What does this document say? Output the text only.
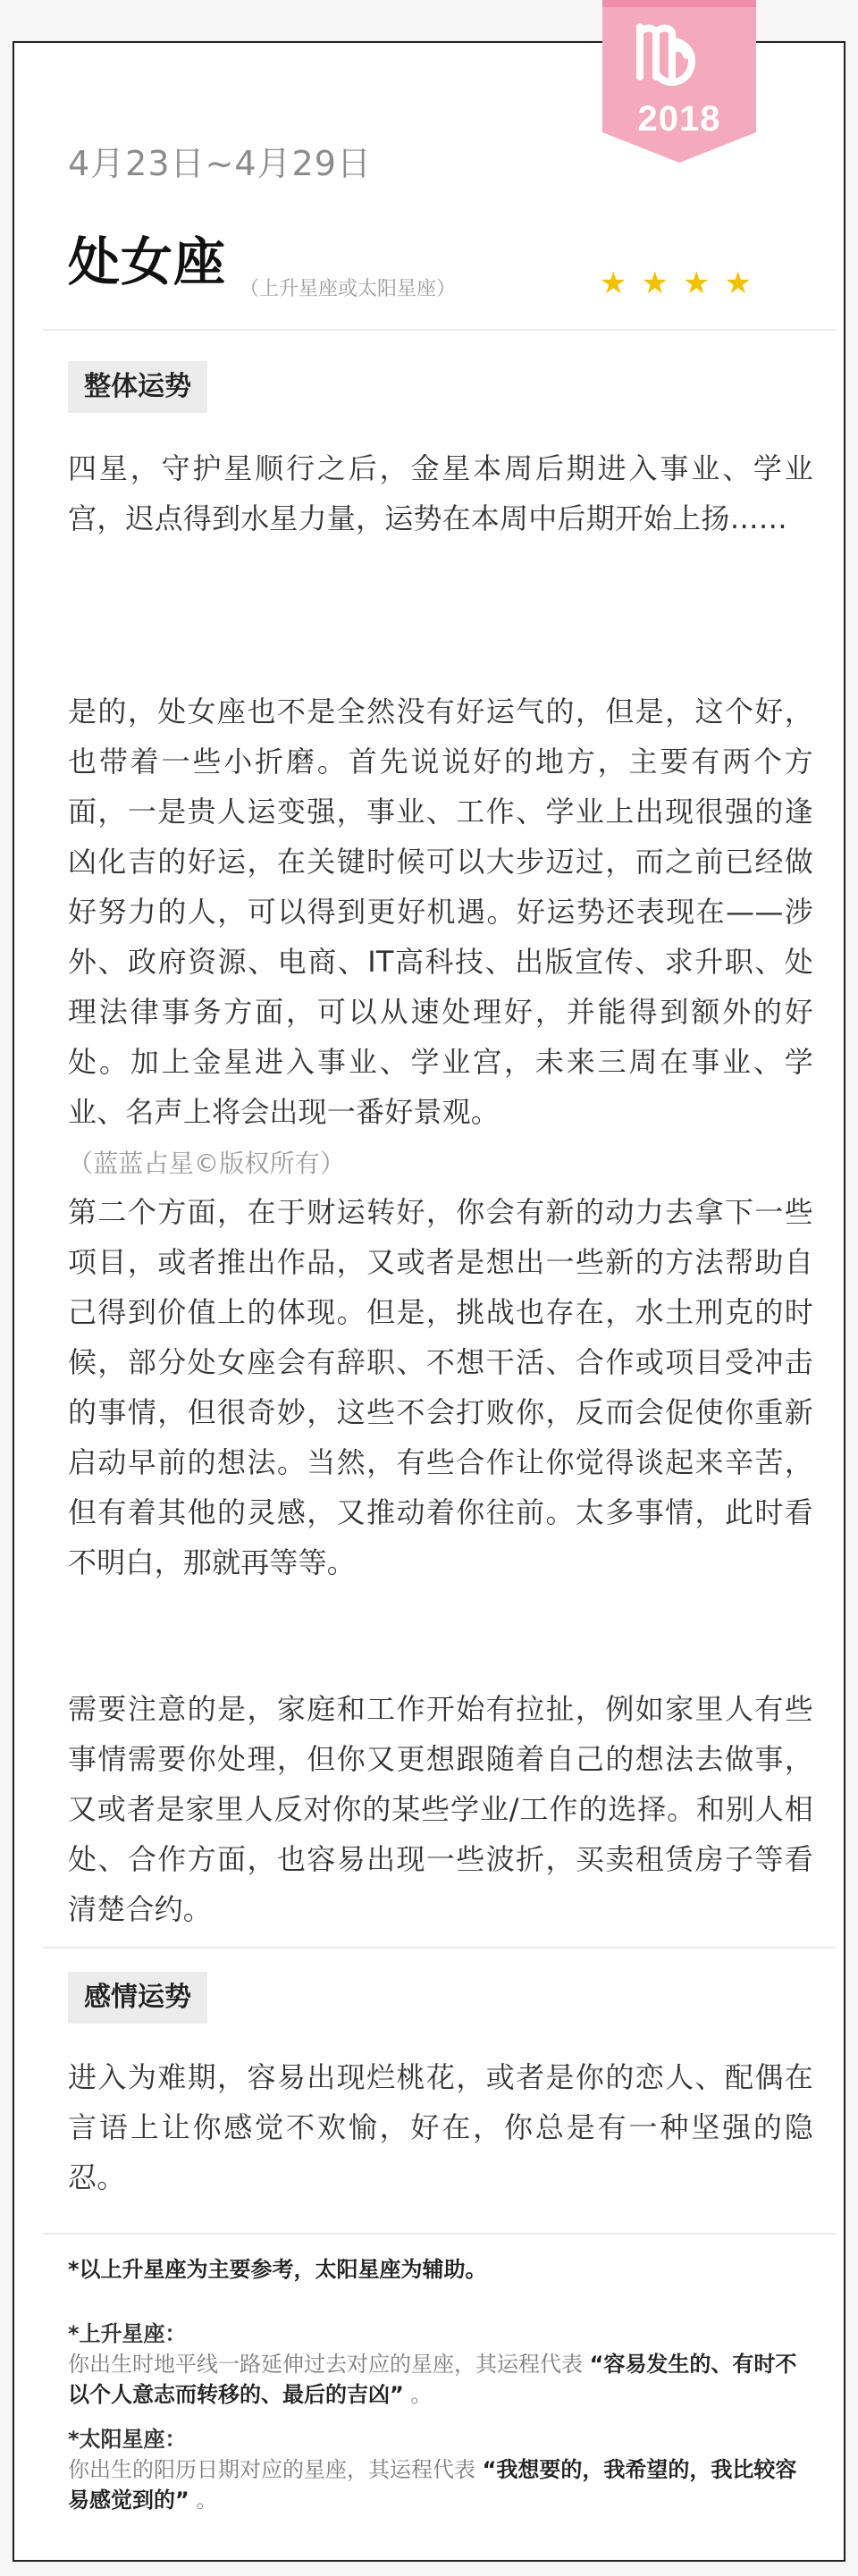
4月23日~4月29日
处女座 （上升星座或太阳星座）	★ ★ ★ ★
整体运势
四星，守护星顺行之后，金星本周后期进入事业、学业宫，迟点得到水星力量，运势在本周中后期开始上扬……

是的，处女座也不是全然没有好运气的，但是，这个好，也带着一些小折磨。首先说说好的地方，主要有两个方面，一是贵人运变强，事业、工作、学业上出现很强的逢凶化吉的好运，在关键时候可以大步迈过，而之前已经做好努力的人，可以得到更好机遇。好运势还表现在——涉外、政府资源、电商、IT高科技、出版宣传、求升职、处理法律事务方面，可以从速处理好，并能得到额外的好处。加上金星进入事业、学业宫，未来三周在事业、学业、名声上将会出现一番好景观。
（蓝蓝占星©版权所有）

第二个方面，在于财运转好，你会有新的动力去拿下一些项目，或者推出作品，又或者是想出一些新的方法帮助自己得到价值上的体现。但是，挑战也存在，水土刑克的时候，部分处女座会有辞职、不想干活、合作或项目受冲击的事情，但很奇妙，这些不会打败你，反而会促使你重新启动早前的想法。当然，有些合作让你觉得谈起来辛苦，但有着其他的灵感，又推动着你往前。太多事情，此时看不明白，那就再等等。
需要注意的是，家庭和工作开始有拉扯，例如家里人有些事情需要你处理，但你又更想跟随着自己的想法去做事，又或者是家里人反对你的某些学业/工作的选择。和别人相处、合作方面，也容易出现一些波折，买卖租赁房子等看清楚合约。
感情运势
进入为难期，容易出现烂桃花，或者是你的恋人、配偶在言语上让你感觉不欢愉，好在，你总是有一种坚强的隐忍。
*以上升星座为主要参考，太阳星座为辅助。
*上升星座：
你出生时地平线一路延伸过去对应的星座，其运程代表 “容易发生的、有时不以个人意志而转移的、最后的吉凶” 。
*太阳星座：
你出生的阳历日期对应的星座，其运程代表 “我想要的，我希望的，我比较容易感觉到的” 。
2018
